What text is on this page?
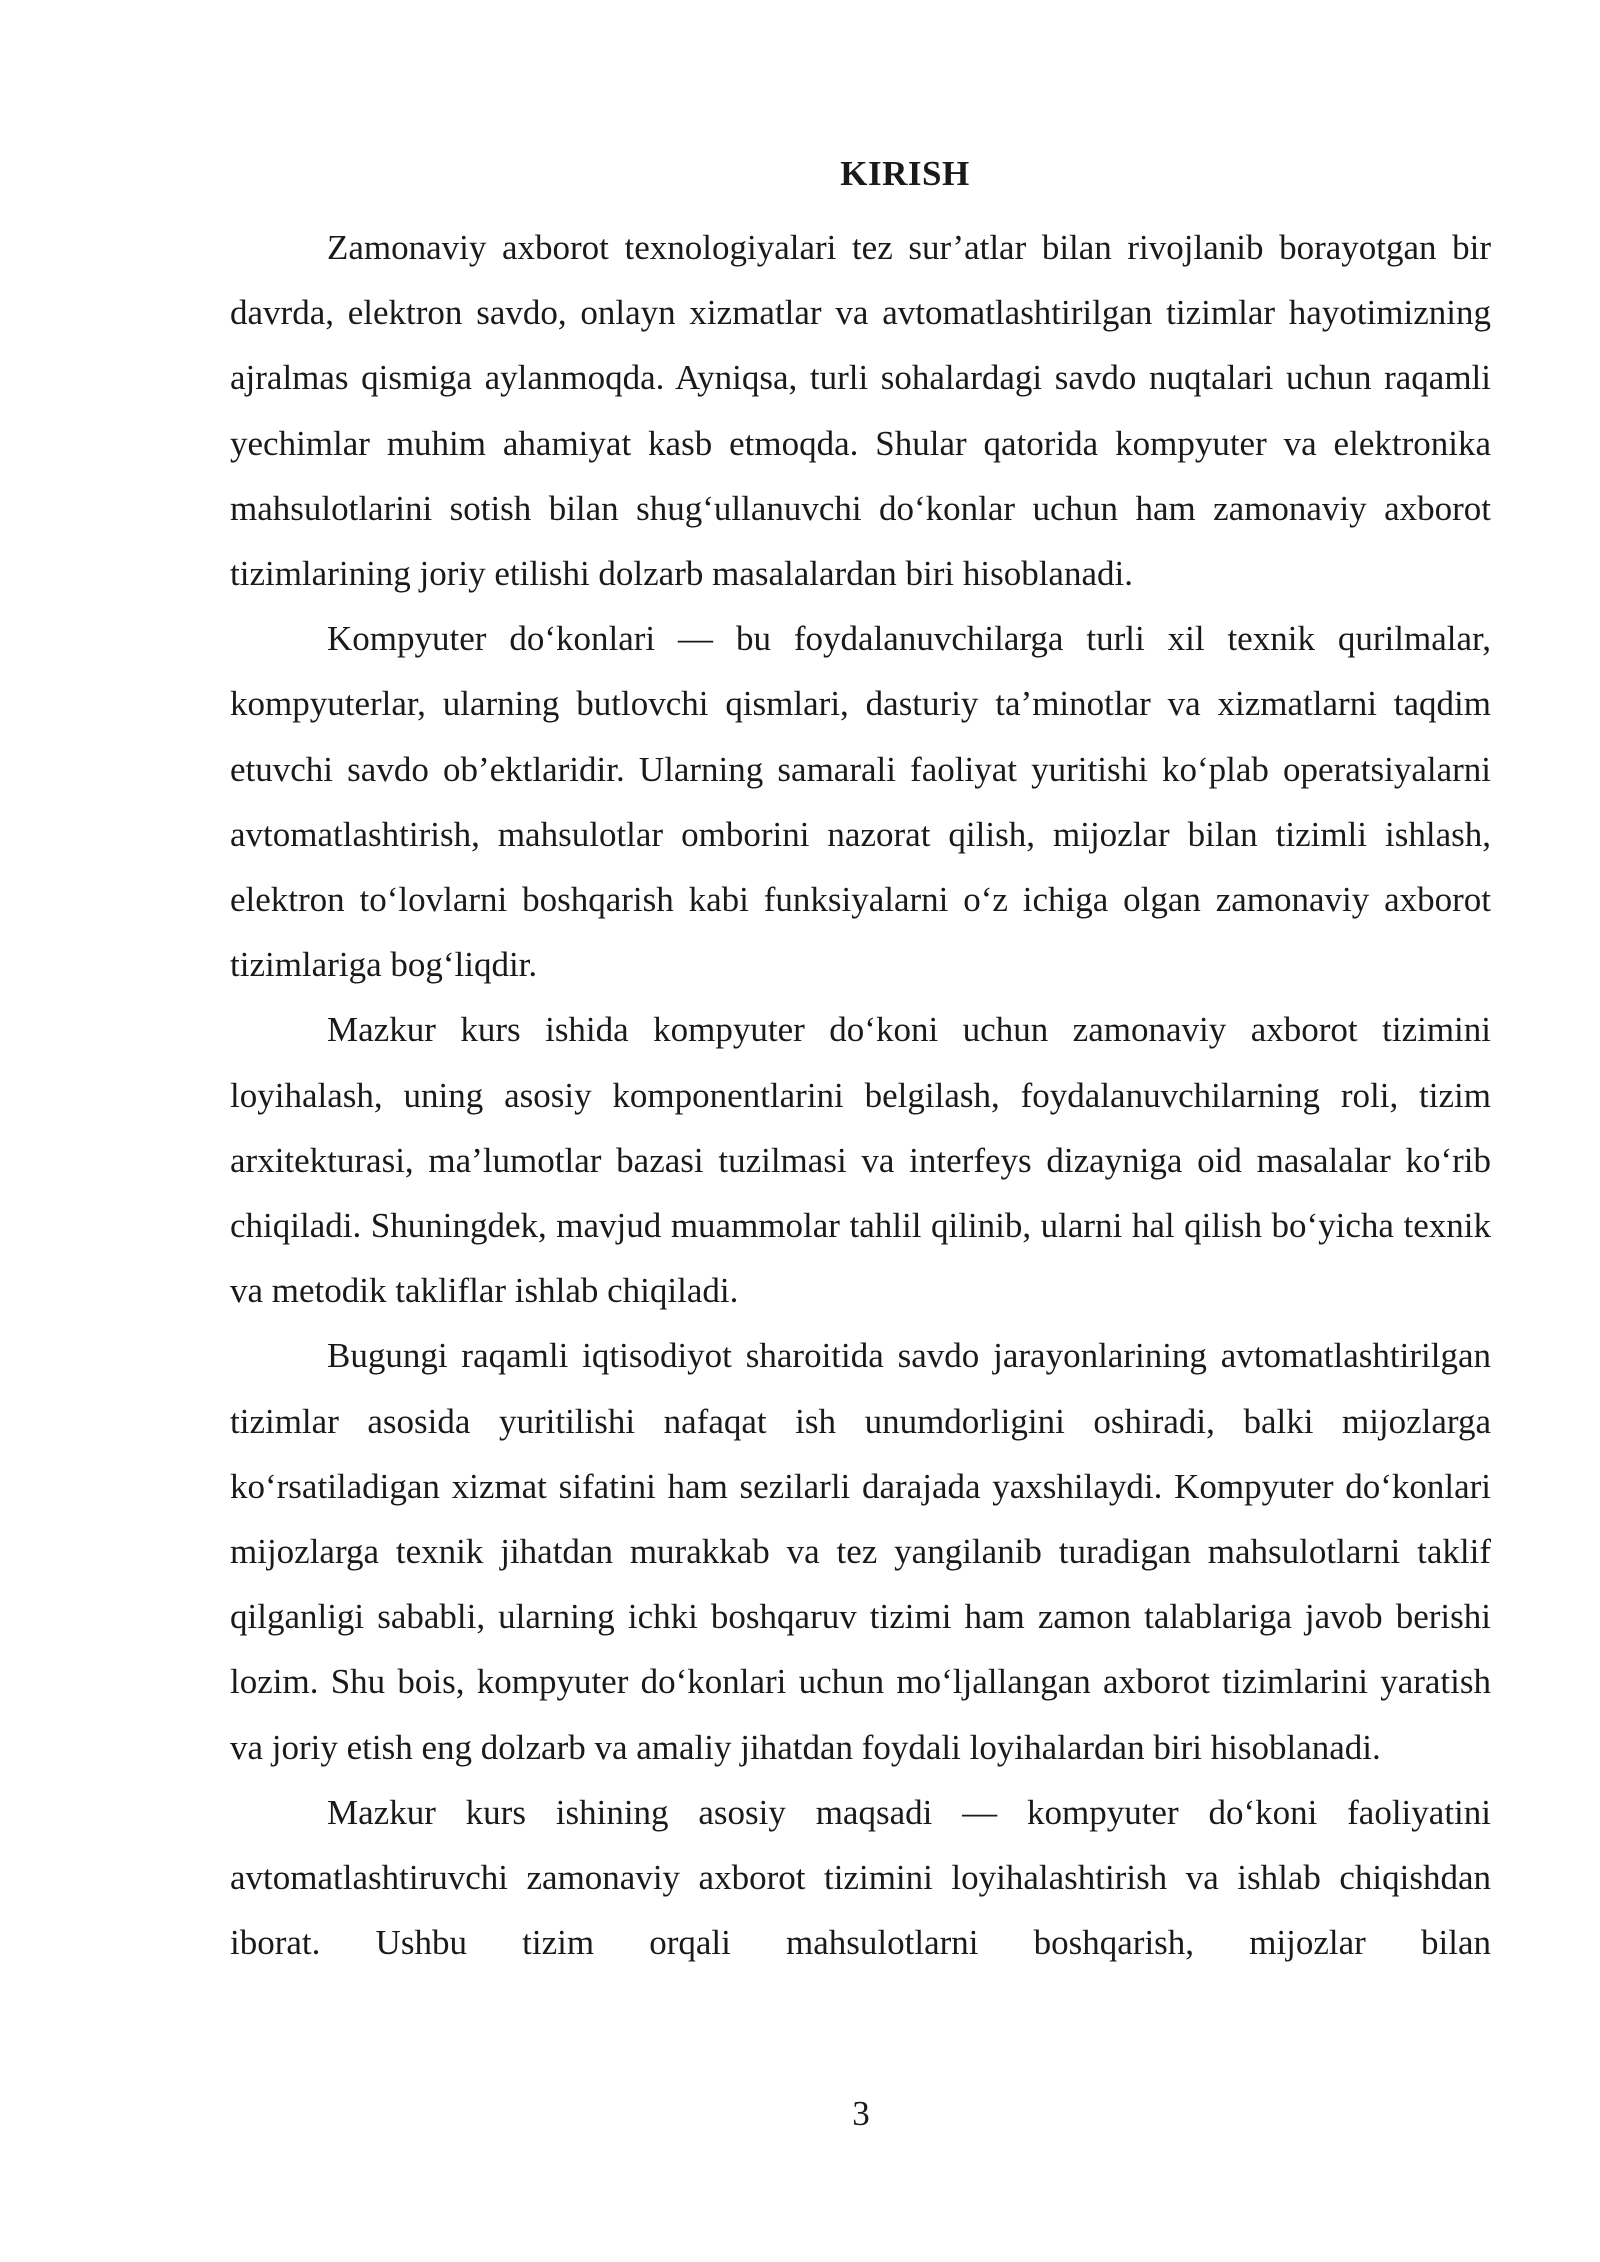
KIRISH

Zamonaviy axborot texnologiyalari tez sur’atlar bilan rivojlanib borayotgan bir davrda, elektron savdo, onlayn xizmatlar va avtomatlashtirilgan tizimlar hayotimizning ajralmas qismiga aylanmoqda. Ayniqsa, turli sohalardagi savdo nuqtalari uchun raqamli yechimlar muhim ahamiyat kasb etmoqda. Shular qatorida kompyuter va elektronika mahsulotlarini sotish bilan shug‘ullanuvchi do‘konlar uchun ham zamonaviy axborot tizimlarining joriy etilishi dolzarb masalalardan biri hisoblanadi.

Kompyuter do‘konlari — bu foydalanuvchilarga turli xil texnik qurilmalar, kompyuterlar, ularning butlovchi qismlari, dasturiy ta’minotlar va xizmatlarni taqdim etuvchi savdo ob’ektlaridir. Ularning samarali faoliyat yuritishi ko‘plab operatsiyalarni avtomatlashtirish, mahsulotlar omborini nazorat qilish, mijozlar bilan tizimli ishlash, elektron to‘lovlarni boshqarish kabi funksiyalarni o‘z ichiga olgan zamonaviy axborot tizimlariga bog‘liqdir.

Mazkur kurs ishida kompyuter do‘koni uchun zamonaviy axborot tizimini loyihalash, uning asosiy komponentlarini belgilash, foydalanuvchilarning roli, tizim arxitekturasi, ma’lumotlar bazasi tuzilmasi va interfeys dizayniga oid masalalar ko‘rib chiqiladi. Shuningdek, mavjud muammolar tahlil qilinib, ularni hal qilish bo‘yicha texnik va metodik takliflar ishlab chiqiladi.

Bugungi raqamli iqtisodiyot sharoitida savdo jarayonlarining avtomatlashtirilgan tizimlar asosida yuritilishi nafaqat ish unumdorligini oshiradi, balki mijozlarga ko‘rsatiladigan xizmat sifatini ham sezilarli darajada yaxshilaydi. Kompyuter do‘konlari mijozlarga texnik jihatdan murakkab va tez yangilanib turadigan mahsulotlarni taklif qilganligi sababli, ularning ichki boshqaruv tizimi ham zamon talablariga javob berishi lozim. Shu bois, kompyuter do‘konlari uchun mo‘ljallangan axborot tizimlarini yaratish va joriy etish eng dolzarb va amaliy jihatdan foydali loyihalardan biri hisoblanadi.

Mazkur kurs ishining asosiy maqsadi — kompyuter do‘koni faoliyatini avtomatlashtiruvchi zamonaviy axborot tizimini loyihalashtirish va ishlab chiqishdan iborat. Ushbu tizim orqali mahsulotlarni boshqarish, mijozlar bilan

3
